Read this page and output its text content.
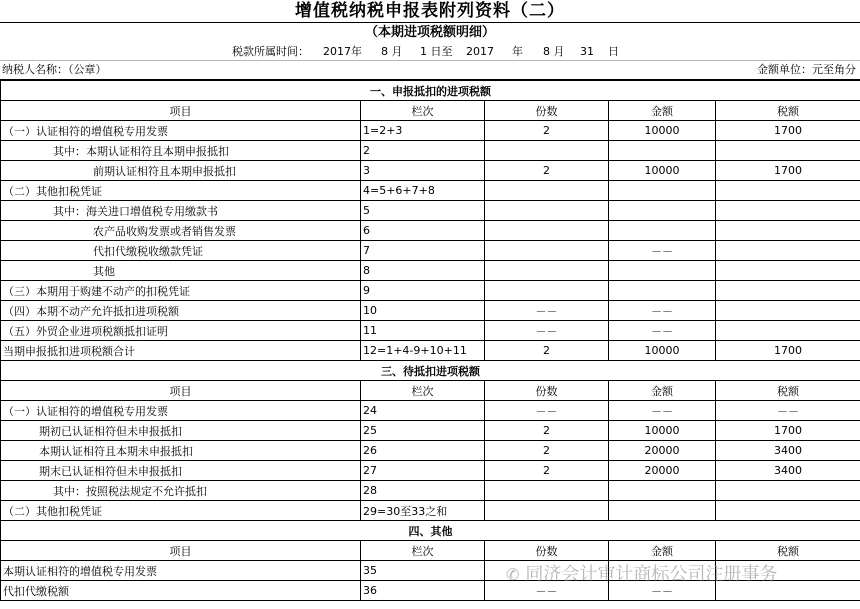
增值税纳税申报表附列资料（二）
（本期进项税额明细）
税款所属时间： 2017年 8 月 1 日至 2017 年 8 月 31 日
纳税人名称：（公章）	金额单位：元至角分
一、申报抵扣的进项税额				
项目	栏次	份数	金额	税额
（一）认证相符的增值税专用发票	1=2+3	2	10000	1700
其中：本期认证相符且本期申报抵扣	2			
前期认证相符且本期申报抵扣	3	2	10000	1700
（二）其他扣税凭证	4=5+6+7+8			
其中：海关进口增值税专用缴款书	5			
农产品收购发票或者销售发票	6			
代扣代缴税收缴款凭证	7		－－	
其他	8			
（三）本期用于购建不动产的扣税凭证	9			
（四）本期不动产允许抵扣进项税额	10	－－	－－	
（五）外贸企业进项税额抵扣证明	11	－－	－－	
当期申报抵扣进项税额合计	12=1+4-9+10+11	2	10000	1700
三、待抵扣进项税额				
项目	栏次	份数	金额	税额
（一）认证相符的增值税专用发票	24	－－	－－	－－
期初已认证相符但未申报抵扣	25	2	10000	1700
本期认证相符且本期未申报抵扣	26	2	20000	3400
期末已认证相符但未申报抵扣	27	2	20000	3400
其中：按照税法规定不允许抵扣	28			
（二）其他扣税凭证	29=30至33之和			
四、其他				
项目	栏次	份数	金额	税额
本期认证相符的增值税专用发票	35			
代扣代缴税额	36	－－	－－	
✆ 同济会计审计商标公司注册事务
